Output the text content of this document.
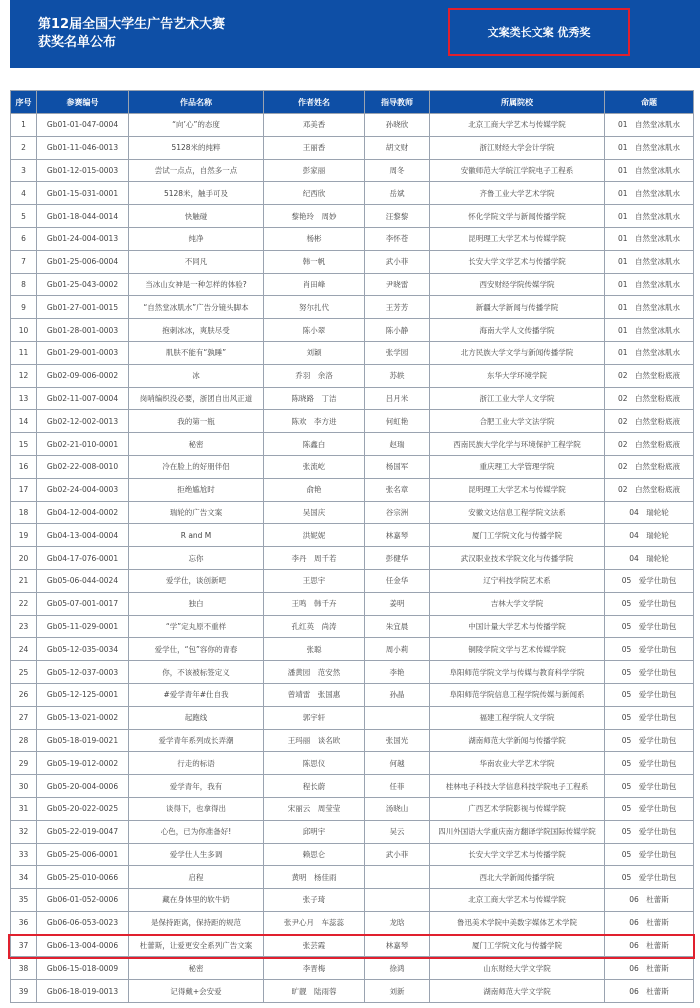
第12届全国大学生广告艺术大赛
获奖名单公布
文案类长文案 优秀奖
序号	参赛编号	作品名称	作者姓名	指导教师	所属院校	命题
1	Gb01-01-047-0004	“向’心”的态度	邓美香	孙晓欣	北京工商大学艺术与传媒学院	01　自然堂冰肌水
2	Gb01-11-046-0013	5128米的纯粹	王丽香	胡文财	浙江财经大学会计学院	01　自然堂冰肌水
3	Gb01-12-015-0003	尝试一点点，自然多一点	彭家丽	周冬	安徽师范大学皖江学院电子工程系	01　自然堂冰肌水
4	Gb01-15-031-0001	5128米，触手可及	纪西欣	岳斌	齐鲁工业大学艺术学院	01　自然堂冰肌水
5	Gb01-18-044-0014	快触碰	黎艳玲　周妙	汪黎黎	怀化学院文学与新闻传播学院	01　自然堂冰肌水
6	Gb01-24-004-0013	纯净	杨彬	李怀苍	昆明理工大学艺术与传媒学院	01　自然堂冰肌水
7	Gb01-25-006-0004	不同凡	韩一帆	武小菲	长安大学文学艺术与传播学院	01　自然堂冰肌水
8	Gb01-25-043-0002	当冰山女神是一种怎样的体验?	肖田峰	尹晓雷	西安财经学院传媒学院	01　自然堂冰肌水
9	Gb01-27-001-0015	“自然堂冰肌水”广告分镜头脚本	努尔扎代	王芳芳	新疆大学新闻与传播学院	01　自然堂冰肌水
10	Gb01-28-001-0003	抱刺冰冰，爽肤尽受	陈小翠	陈小静	海南大学人文传播学院	01　自然堂冰肌水
11	Gb01-29-001-0003	肌肤不能有“孰睡”	刘颖	张学园	北方民族大学文学与新闻传播学院	01　自然堂冰肌水
12	Gb02-09-006-0002	冰	乔羽　余洛	苏轶	东华大学环境学院	02　白然堂粉底液
13	Gb02-11-007-0004	岗哨编织没必要，浙团自出风正道	陈晓路　丁洁	吕月米	浙江工业大学人文学院	02　白然堂粉底液
14	Gb02-12-002-0013	我的第一瓶	陈欢　李方进	何虹艳	合肥工业大学文法学院	02　白然堂粉底液
15	Gb02-21-010-0001	秘密	陈鑫白	赵瑞	西南民族大学化学与环境保护工程学院	02　白然堂粉底液
16	Gb02-22-008-0010	冷在脸上的好朋伴侣	张流屹	杨国军	重庆理工大学管理学院	02　白然堂粉底液
17	Gb02-24-004-0003	拒绝尴尬时	俞艳	张名章	昆明理工大学艺术与传媒学院	02　白然堂粉底液
18	Gb04-12-004-0002	瑞轮的广告文案	吴国庆	谷宗洲	安徽文达信息工程学院文法系	04　瑞轮轮
19	Gb04-13-004-0004	R and M	洪妮妮	林嘉琴	厦门工学院文化与传播学院	04　瑞轮轮
20	Gb04-17-076-0001	忘你	李丹　周千若	彭健华	武汉职业技术学院文化与传播学院	04　瑞轮轮
21	Gb05-06-044-0024	爱学仕，谈创新吧	王思宇	任金华	辽宁科技学院艺术系	05　爱学仕助包
22	Gb05-07-001-0017	独白	王鸣　韩千卉	姜明	吉林大学文学院	05　爱学仕助包
23	Gb05-11-029-0001	“学”定丸原不重样	孔红英　尚涛	朱宜晨	中国计量大学艺术与传播学院	05　爱学仕助包
24	Gb05-12-035-0034	爱学仕，“包”容你的青春	张聪	周小莉	铜陵学院文学与艺术传媒学院	05　爱学仕助包
25	Gb05-12-037-0003	你，不该被标签定义	潘黄园　范安然	李艳	阜阳师范学院文学与传媒与教育科学学院	05　爱学仕助包
26	Gb05-12-125-0001	#爱学青年#仕自我	曾靖雷　张国惠	孙晶	阜阳师范学院信息工程学院传媒与新闻系	05　爱学仕助包
27	Gb05-13-021-0002	起跑线	郭宇轩		福建工程学院人文学院	05　爱学仕助包
28	Gb05-18-019-0021	爱学青年系列成长弄潮	王玛丽　谈名欧	张国光	湖南师范大学新闻与传播学院	05　爱学仕助包
29	Gb05-19-012-0002	行走的标语	陈思仪	何越	华南农业大学艺术学院	05　爱学仕助包
30	Gb05-20-004-0006	爱学青年，我有	程长蔚	任菲	桂林电子科技大学信息科技学院电子工程系	05　爱学仕助包
31	Gb05-20-022-0025	谈得下，也拿得出	宋丽云　周莹莹	汤晓山	广西艺术学院影视与传媒学院	05　爱学仕助包
32	Gb05-22-019-0047	心色，已为你准备好!	邱明宇	吴云	四川外国语大学重庆南方翻译学院国际传媒学院	05　爱学仕助包
33	Gb05-25-006-0001	爱学仕人生多调	赖思仑	武小菲	长安大学文学艺术与传播学院	05　爱学仕助包
34	Gb05-25-010-0066	启程	黄明　杨佳雨		西北大学新闻传播学院	05　爱学仕助包
35	Gb06-01-052-0006	藏在身体里的软牛奶	张子琦		北京工商大学艺术与传媒学院	06　杜蕾斯
36	Gb06-06-053-0023	是保持距离，保持距的规范	张尹心月　车蕊蕊	龙晗	鲁迅美术学院中美数字媒体艺术学院	06　杜蕾斯
37	Gb06-13-004-0006	杜蕾斯，让爱更安全系列广告文案	张芸霞	林嘉琴	厦门工学院文化与传播学院	06　杜蕾斯
38	Gb06-15-018-0009	秘密	李晋梅	徐鸿	山东财经大学文学院	06　杜蕾斯
39	Gb06-18-019-0013	记得戴+会安爱	旷靓　陆雨蓉	刘新	湖南师范大学文学院	06　杜蕾斯
